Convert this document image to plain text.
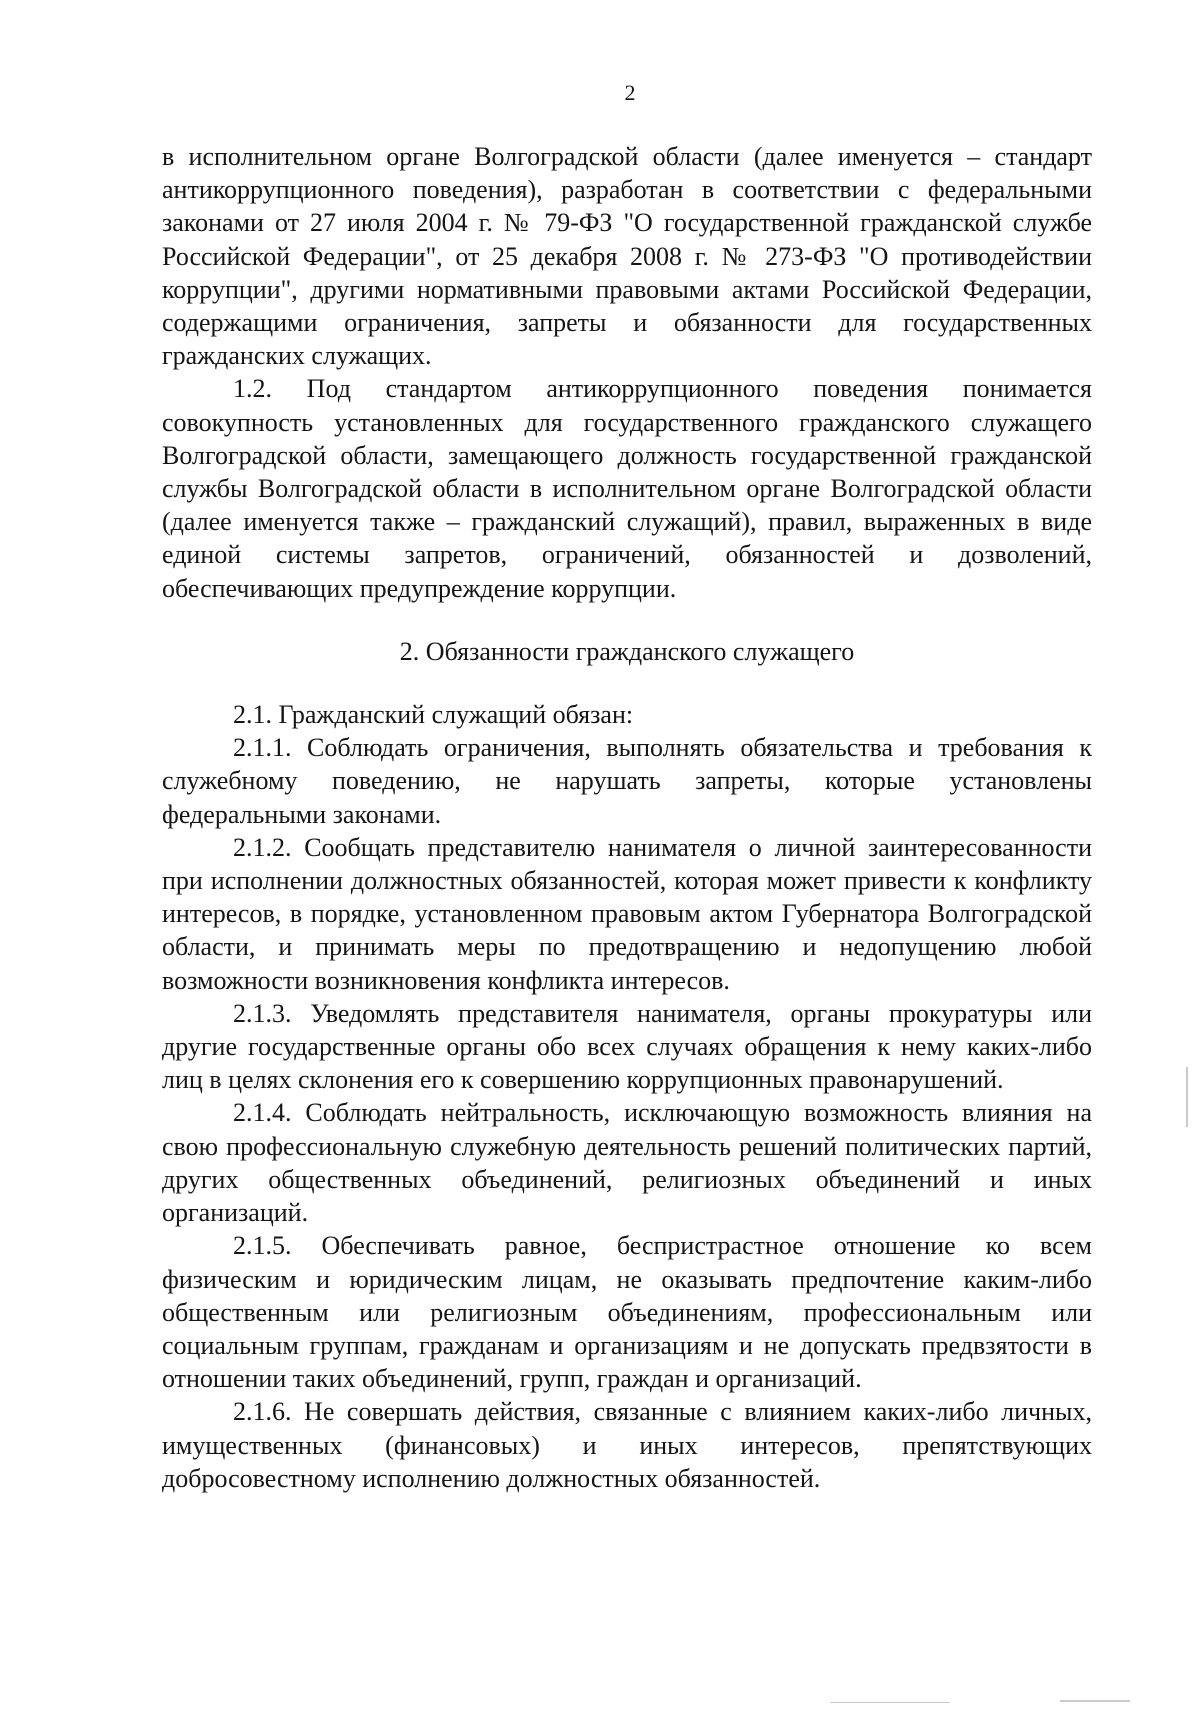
2

в исполнительном органе Волгоградской области (далее именуется – стандарт антикоррупционного поведения), разработан в соответствии с федеральными законами от 27 июля 2004 г. № 79-ФЗ "О государственной гражданской службе Российской Федерации", от 25 декабря 2008 г. № 273-ФЗ "О противодействии коррупции", другими нормативными правовыми актами Российской Федерации, содержащими ограничения, запреты и обязанности для государственных гражданских служащих.

1.2. Под стандартом антикоррупционного поведения понимается совокупность установленных для государственного гражданского служащего Волгоградской области, замещающего должность государственной гражданской службы Волгоградской области в исполнительном органе Волгоградской области (далее именуется также – гражданский служащий), правил, выраженных в виде единой системы запретов, ограничений, обязанностей и дозволений, обеспечивающих предупреждение коррупции.

2. Обязанности гражданского служащего

2.1. Гражданский служащий обязан:

2.1.1. Соблюдать ограничения, выполнять обязательства и требования к служебному поведению, не нарушать запреты, которые установлены федеральными законами.

2.1.2. Сообщать представителю нанимателя о личной заинтересованности при исполнении должностных обязанностей, которая может привести к конфликту интересов, в порядке, установленном правовым актом Губернатора Волгоградской области, и принимать меры по предотвращению и недопущению любой возможности возникновения конфликта интересов.

2.1.3. Уведомлять представителя нанимателя, органы прокуратуры или другие государственные органы обо всех случаях обращения к нему каких-либо лиц в целях склонения его к совершению коррупционных правонарушений.

2.1.4. Соблюдать нейтральность, исключающую возможность влияния на свою профессиональную служебную деятельность решений политических партий, других общественных объединений, религиозных объединений и иных организаций.

2.1.5. Обеспечивать равное, беспристрастное отношение ко всем физическим и юридическим лицам, не оказывать предпочтение каким-либо общественным или религиозным объединениям, профессиональным или социальным группам, гражданам и организациям и не допускать предвзятости в отношении таких объединений, групп, граждан и организаций.

2.1.6. Не совершать действия, связанные с влиянием каких-либо личных, имущественных (финансовых) и иных интересов, препятствующих добросовестному исполнению должностных обязанностей.
